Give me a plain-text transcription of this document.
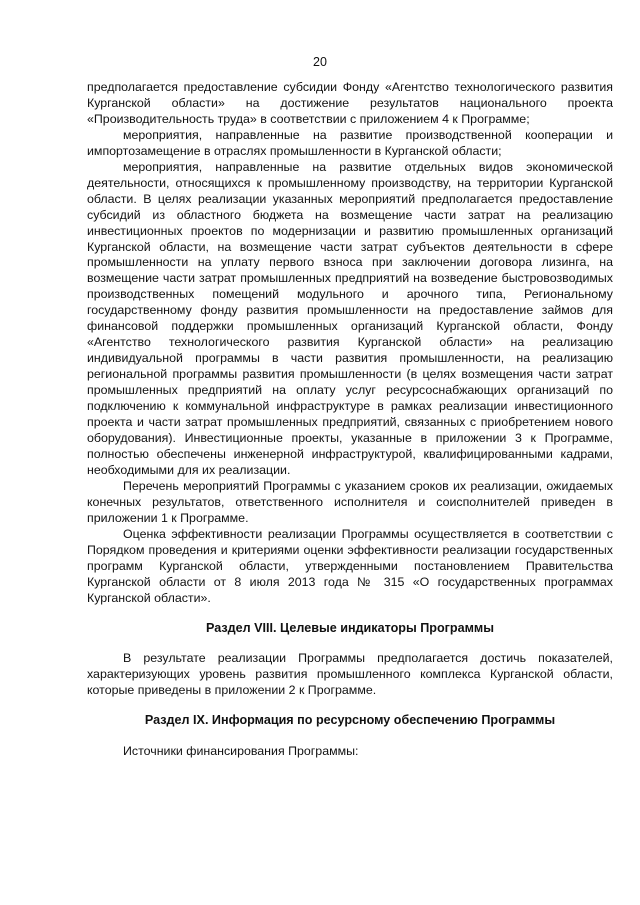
20

предполагается предоставление субсидии Фонду «Агентство технологического развития Курганской области» на достижение результатов национального проекта «Производительность труда» в соответствии с приложением 4 к Программе;

мероприятия, направленные на развитие производственной кооперации и импортозамещение в отраслях промышленности в Курганской области;

мероприятия, направленные на развитие отдельных видов экономической деятельности, относящихся к промышленному производству, на территории Курганской области. В целях реализации указанных мероприятий предполагается предоставление субсидий из областного бюджета на возмещение части затрат на реализацию инвестиционных проектов по модернизации и развитию промышленных организаций Курганской области, на возмещение части затрат субъектов деятельности в сфере промышленности на уплату первого взноса при заключении договора лизинга, на возмещение части затрат промышленных предприятий на возведение быстровозводимых производственных помещений модульного и арочного типа, Региональному государственному фонду развития промышленности на предоставление займов для финансовой поддержки промышленных организаций Курганской области, Фонду «Агентство технологического развития Курганской области» на реализацию индивидуальной программы в части развития промышленности, на реализацию региональной программы развития промышленности (в целях возмещения части затрат промышленных предприятий на оплату услуг ресурсоснабжающих организаций по подключению к коммунальной инфраструктуре в рамках реализации инвестиционного проекта и части затрат промышленных предприятий, связанных с приобретением нового оборудования). Инвестиционные проекты, указанные в приложении 3 к Программе, полностью обеспечены инженерной инфраструктурой, квалифицированными кадрами, необходимыми для их реализации.

Перечень мероприятий Программы с указанием сроков их реализации, ожидаемых конечных результатов, ответственного исполнителя и соисполнителей приведен в приложении 1 к Программе.

Оценка эффективности реализации Программы осуществляется в соответствии с Порядком проведения и критериями оценки эффективности реализации государственных программ Курганской области, утвержденными постановлением Правительства Курганской области от 8 июля 2013 года № 315 «О государственных программах Курганской области».

Раздел VIII. Целевые индикаторы Программы

В результате реализации Программы предполагается достичь показателей, характеризующих уровень развития промышленного комплекса Курганской области, которые приведены в приложении 2 к Программе.

Раздел IX. Информация по ресурсному обеспечению Программы

Источники финансирования Программы:
